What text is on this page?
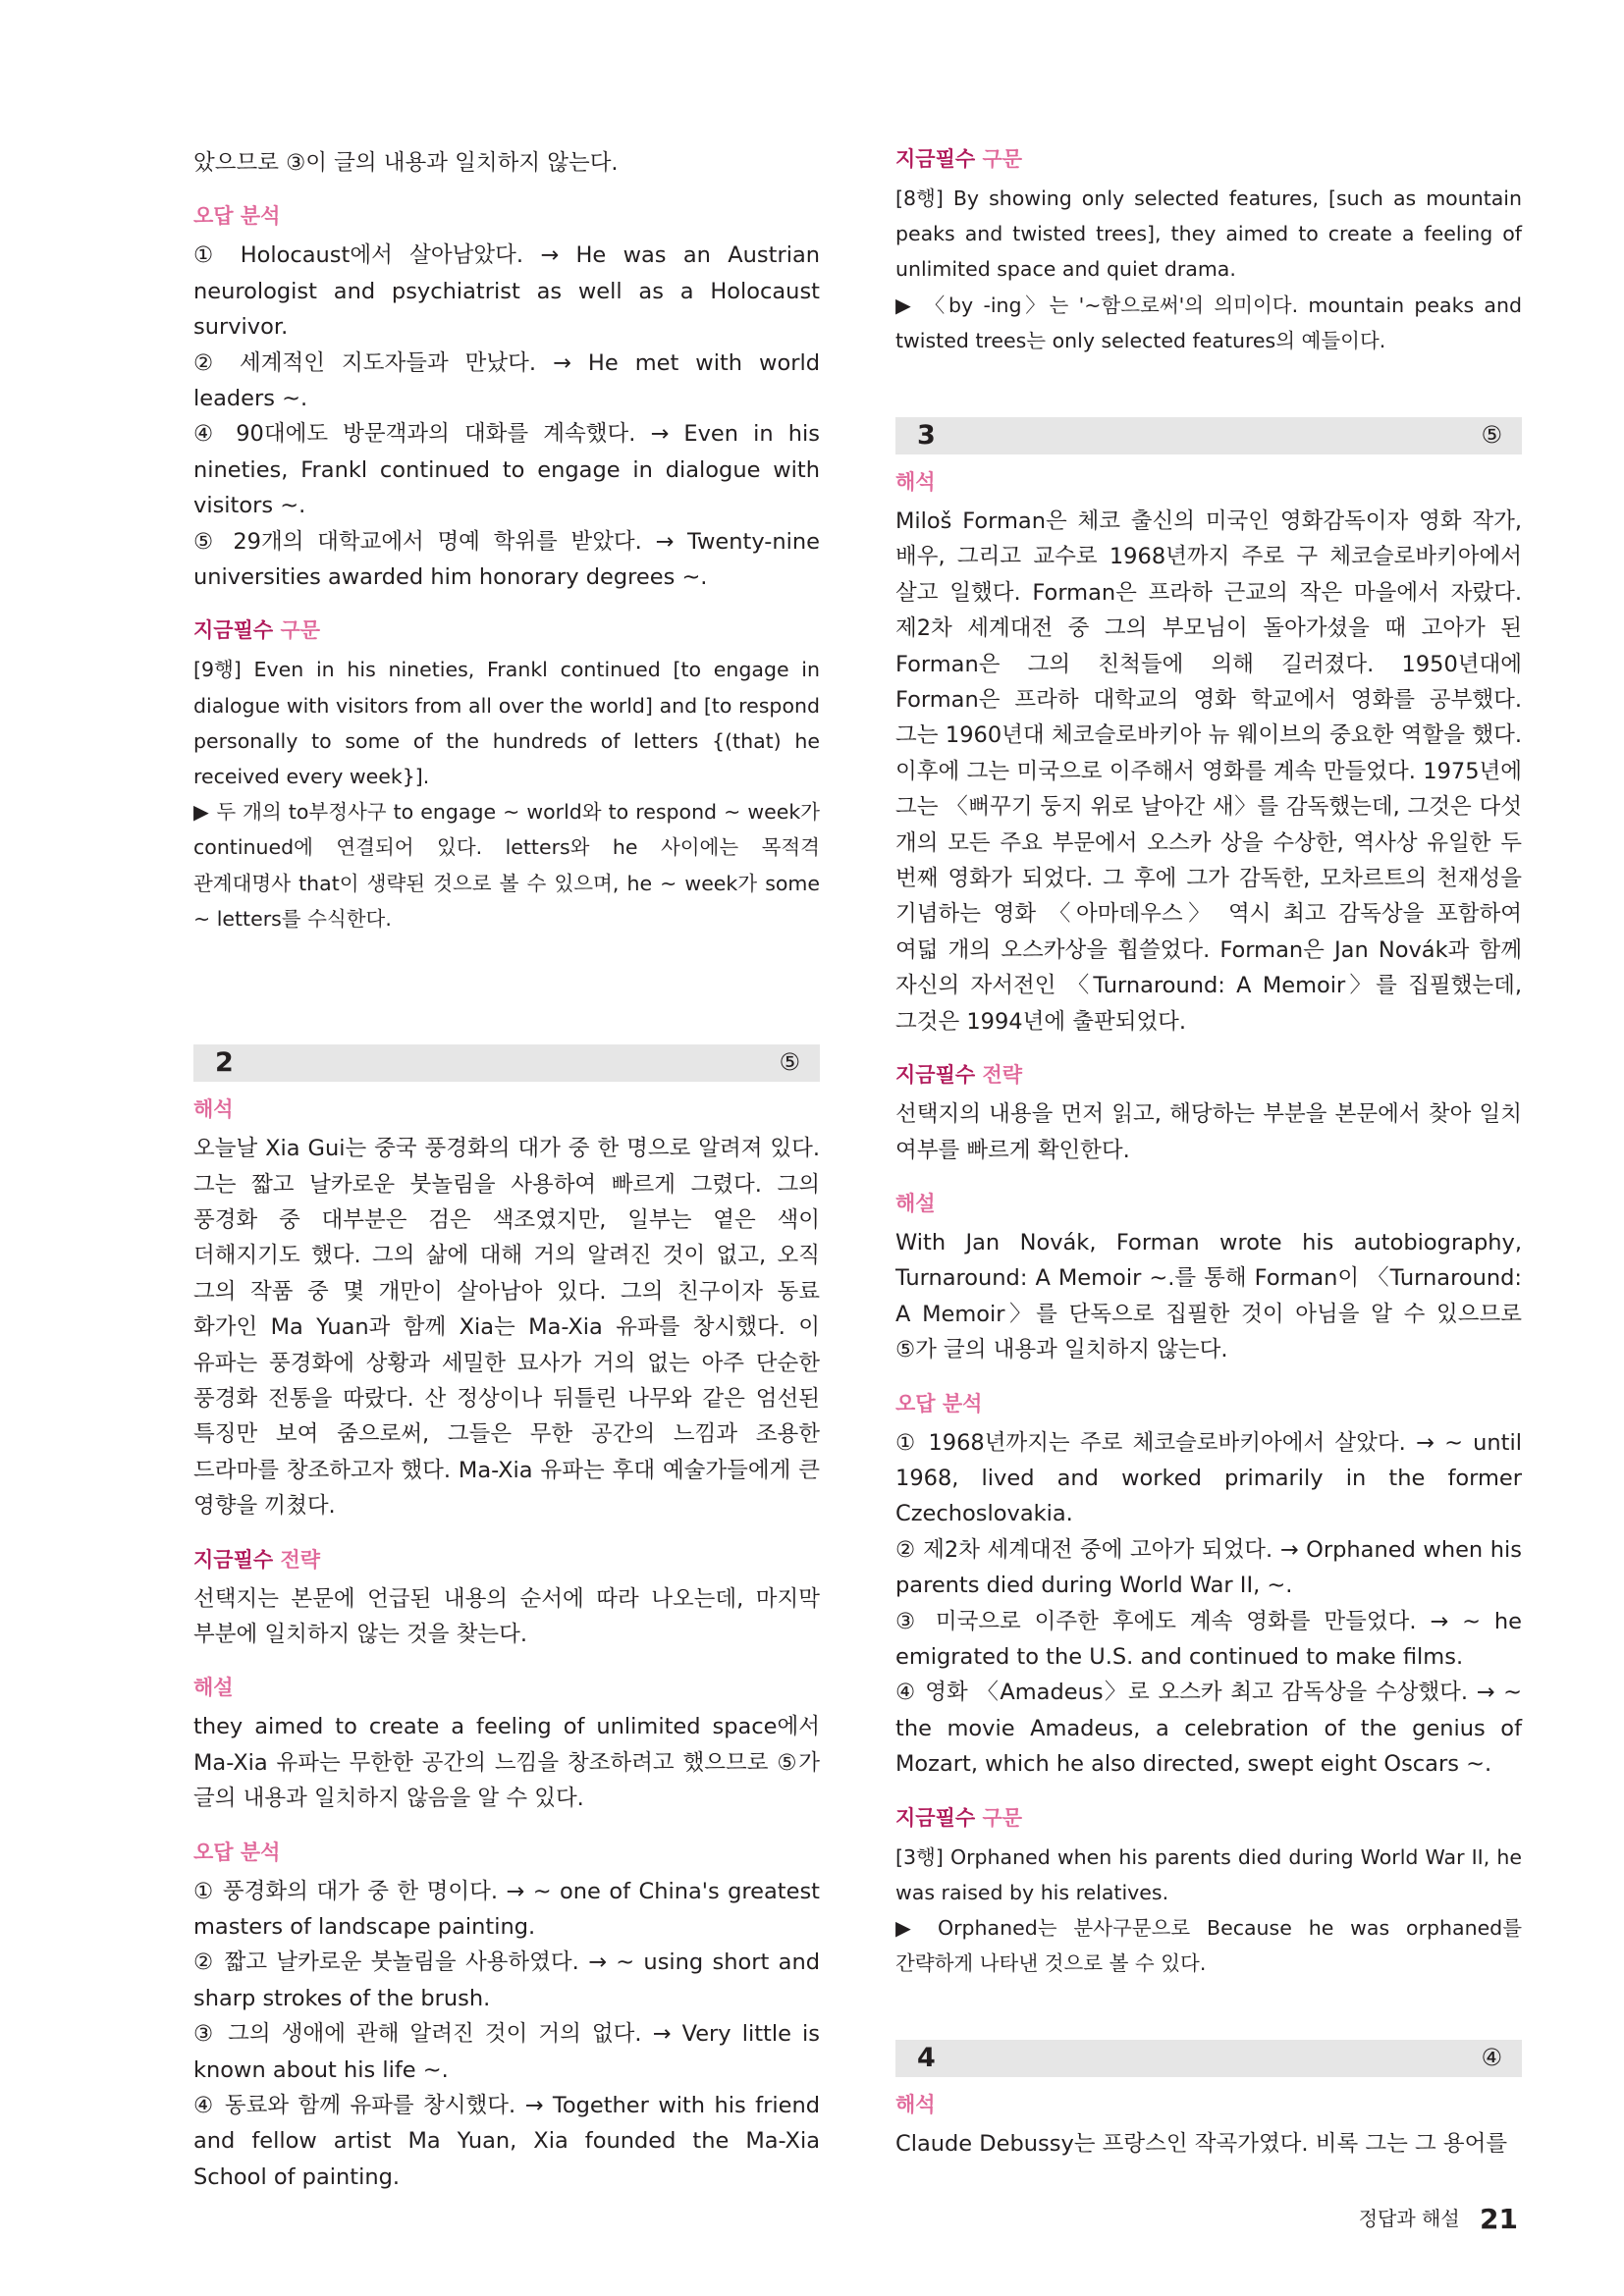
았으므로 ③이 글의 내용과 일치하지 않는다.

오답 분석

① Holocaust에서 살아남았다. → He was an Austrian neurologist and psychiatrist as well as a Holocaust survivor.

② 세계적인 지도자들과 만났다. → He met with world leaders ~.

④ 90대에도 방문객과의 대화를 계속했다. → Even in his nineties, Frankl continued to engage in dialogue with visitors ~.

⑤ 29개의 대학교에서 명예 학위를 받았다. → Twenty-nine universities awarded him honorary degrees ~.

지금필수 구문

[9행] Even in his nineties, Frankl continued [to engage in dialogue with visitors from all over the world] and [to respond personally to some of the hundreds of letters {(that) he received every week}].

▶ 두 개의 to부정사구 to engage ~ world와 to respond ~ week가 continued에 연결되어 있다. letters와 he 사이에는 목적격 관계대명사 that이 생략된 것으로 볼 수 있으며, he ~ week가 some ~ letters를 수식한다.

2	⑤

해석

오늘날 Xia Gui는 중국 풍경화의 대가 중 한 명으로 알려져 있다. 그는 짧고 날카로운 붓놀림을 사용하여 빠르게 그렸다. 그의 풍경화 중 대부분은 검은 색조였지만, 일부는 옅은 색이 더해지기도 했다. 그의 삶에 대해 거의 알려진 것이 없고, 오직 그의 작품 중 몇 개만이 살아남아 있다. 그의 친구이자 동료 화가인 Ma Yuan과 함께 Xia는 Ma-Xia 유파를 창시했다. 이 유파는 풍경화에 상황과 세밀한 묘사가 거의 없는 아주 단순한 풍경화 전통을 따랐다. 산 정상이나 뒤틀린 나무와 같은 엄선된 특징만 보여 줌으로써, 그들은 무한 공간의 느낌과 조용한 드라마를 창조하고자 했다. Ma-Xia 유파는 후대 예술가들에게 큰 영향을 끼쳤다.

지금필수 전략

선택지는 본문에 언급된 내용의 순서에 따라 나오는데, 마지막 부분에 일치하지 않는 것을 찾는다.

해설

they aimed to create a feeling of unlimited space에서 Ma-Xia 유파는 무한한 공간의 느낌을 창조하려고 했으므로 ⑤가 글의 내용과 일치하지 않음을 알 수 있다.

오답 분석

① 풍경화의 대가 중 한 명이다. → ~ one of China's greatest masters of landscape painting.

② 짧고 날카로운 붓놀림을 사용하였다. → ~ using short and sharp strokes of the brush.

③ 그의 생애에 관해 알려진 것이 거의 없다. → Very little is known about his life ~.

④ 동료와 함께 유파를 창시했다. → Together with his friend and fellow artist Ma Yuan, Xia founded the Ma-Xia School of painting.

지금필수 구문

[8행] By showing only selected features, [such as mountain peaks and twisted trees], they aimed to create a feeling of unlimited space and quiet drama.

▶ 〈by -ing〉는 '~함으로써'의 의미이다. mountain peaks and twisted trees는 only selected features의 예들이다.

3	⑤

해석

Miloš Forman은 체코 출신의 미국인 영화감독이자 영화 작가, 배우, 그리고 교수로 1968년까지 주로 구 체코슬로바키아에서 살고 일했다. Forman은 프라하 근교의 작은 마을에서 자랐다. 제2차 세계대전 중 그의 부모님이 돌아가셨을 때 고아가 된 Forman은 그의 친척들에 의해 길러졌다. 1950년대에 Forman은 프라하 대학교의 영화 학교에서 영화를 공부했다. 그는 1960년대 체코슬로바키아 뉴 웨이브의 중요한 역할을 했다. 이후에 그는 미국으로 이주해서 영화를 계속 만들었다. 1975년에 그는 〈뻐꾸기 둥지 위로 날아간 새〉를 감독했는데, 그것은 다섯 개의 모든 주요 부문에서 오스카 상을 수상한, 역사상 유일한 두 번째 영화가 되었다. 그 후에 그가 감독한, 모차르트의 천재성을 기념하는 영화 〈아마데우스〉 역시 최고 감독상을 포함하여 여덟 개의 오스카상을 휩쓸었다. Forman은 Jan Novák과 함께 자신의 자서전인 〈Turnaround: A Memoir〉를 집필했는데, 그것은 1994년에 출판되었다.

지금필수 전략

선택지의 내용을 먼저 읽고, 해당하는 부분을 본문에서 찾아 일치 여부를 빠르게 확인한다.

해설

With Jan Novák, Forman wrote his autobiography, Turnaround: A Memoir ~.를 통해 Forman이 〈Turnaround: A Memoir〉를 단독으로 집필한 것이 아님을 알 수 있으므로 ⑤가 글의 내용과 일치하지 않는다.

오답 분석

① 1968년까지는 주로 체코슬로바키아에서 살았다. → ~ until 1968, lived and worked primarily in the former Czechoslovakia.

② 제2차 세계대전 중에 고아가 되었다. → Orphaned when his parents died during World War II, ~.

③ 미국으로 이주한 후에도 계속 영화를 만들었다. → ~ he emigrated to the U.S. and continued to make films.

④ 영화 〈Amadeus〉로 오스카 최고 감독상을 수상했다. → ~ the movie Amadeus, a celebration of the genius of Mozart, which he also directed, swept eight Oscars ~.

지금필수 구문

[3행] Orphaned when his parents died during World War II, he was raised by his relatives.

▶ Orphaned는 분사구문으로 Because he was orphaned를 간략하게 나타낸 것으로 볼 수 있다.

4	④

해석

Claude Debussy는 프랑스인 작곡가였다. 비록 그는 그 용어를

정답과 해설 21
